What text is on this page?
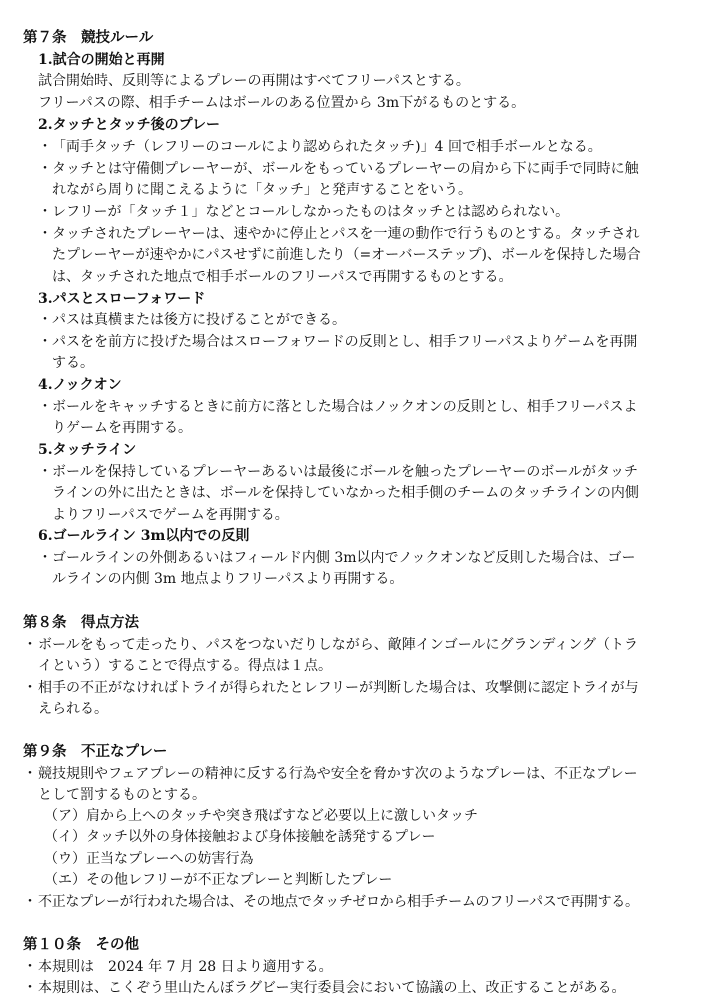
第７条　競技ルール
1.試合の開始と再開
試合開始時、反則等によるプレーの再開はすべてフリーパスとする。
フリーパスの際、相手チームはボールのある位置から 3m下がるものとする。
2.タッチとタッチ後のプレー
・ 「両手タッチ（レフリーのコールにより認められたタッチ)」4 回で相手ボールとなる。
・ タッチとは守備側プレーヤーが、ボールをもっているプレーヤーの肩から下に両手で同時に触
れながら周りに聞こえるように「タッチ」と発声することをいう。
・ レフリーが「タッチ１」などとコールしなかったものはタッチとは認められない。
・ タッチされたプレーヤーは、速やかに停止とパスを一連の動作で行うものとする。タッチされ
たプレーヤーが速やかにパスせずに前進したり（=オーバーステップ)、ボールを保持した場合
は、タッチされた地点で相手ボールのフリーパスで再開するものとする。
3.パスとスローフォワード
・ パスは真横または後方に投げることができる。
・ パスをを前方に投げた場合はスローフォワードの反則とし、相手フリーパスよりゲームを再開
する。
4.ノックオン
・ ボールをキャッチするときに前方に落とした場合はノックオンの反則とし、相手フリーパスよ
りゲームを再開する。
5.タッチライン
・ ボールを保持しているプレーヤーあるいは最後にボールを触ったプレーヤーのボールがタッチ
ラインの外に出たときは、ボールを保持していなかった相手側のチームのタッチラインの内側
よりフリーパスでゲームを再開する。
6.ゴールライン 3m以内での反則
・ ゴールラインの外側あるいはフィールド内側 3m以内でノックオンなど反則した場合は、ゴー
ルラインの内側 3m 地点よりフリーパスより再開する。
第８条　得点方法
・ ボールをもって走ったり、パスをつないだりしながら、敵陣インゴールにグランディング（トラ
イという）することで得点する。得点は１点。
・ 相手の不正がなければトライが得られたとレフリーが判断した場合は、攻撃側に認定トライが与
えられる。
第９条　不正なプレー
・ 競技規則やフェアプレーの精神に反する行為や安全を脅かす次のようなプレーは、不正なプレー
として罰するものとする。
（ア）肩から上へのタッチや突き飛ばすなど必要以上に激しいタッチ
（イ）タッチ以外の身体接触および身体接触を誘発するプレー
（ウ）正当なプレーへの妨害行為
（エ）その他レフリーが不正なプレーと判断したプレー
・ 不正なプレーが行われた場合は、その地点でタッチゼロから相手チームのフリーパスで再開する。
第１０条　その他
・ 本規則は　2024 年 7 月 28 日より適用する。
・ 本規則は、こくぞう里山たんぼラグビー実行委員会において協議の上、改正することがある。
